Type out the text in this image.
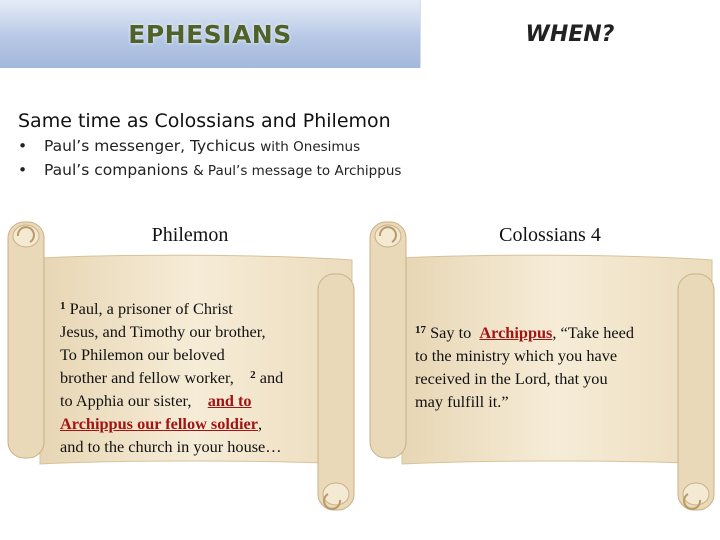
EPHESIANS	WHEN?
Same time as Colossians and Philemon
• Paul’s messenger, Tychicus with Onesimus
• Paul’s companions & Paul’s message to Archippus
Philemon
$^1$ Paul, a prisoner of Christ
Jesus, and Timothy our brother,
To Philemon our beloved
brother and fellow worker, $^2$ and
to Apphia our sister, and to
Archippus our fellow soldier,
and to the church in your house…
Colossians 4
$^{17}$ Say to Archippus, “Take heed
to the ministry which you have
received in the Lord, that you
may fulfill it.”
